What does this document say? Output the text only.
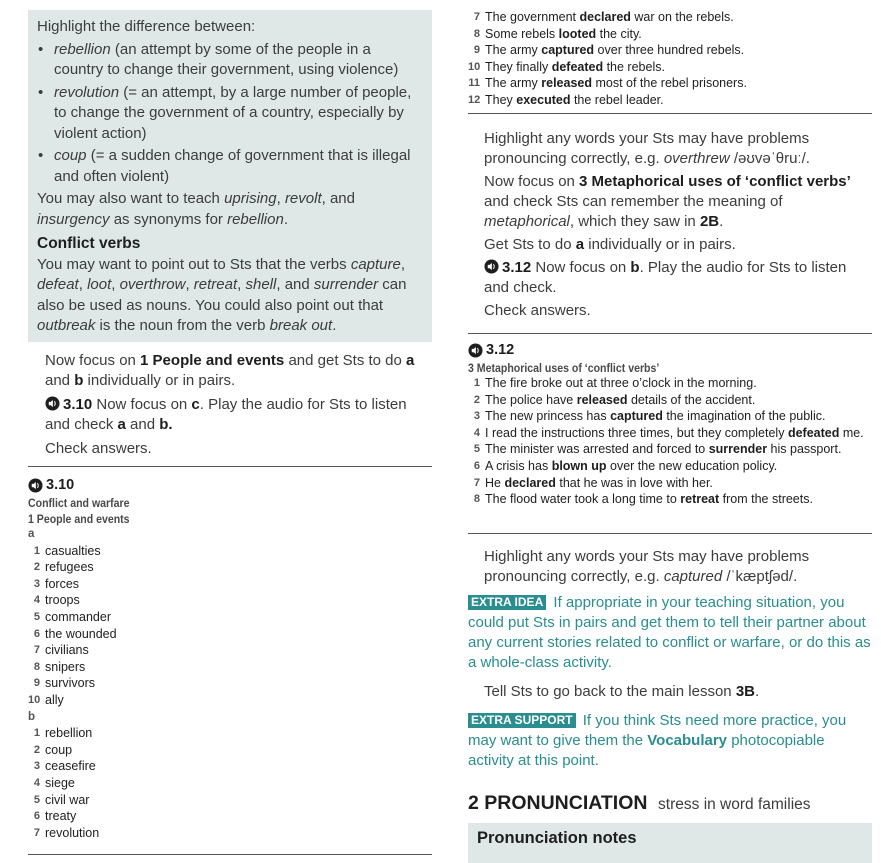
Highlight the difference between:

• rebellion (an attempt by some of the people in a country to change their government, using violence)
• revolution (= an attempt, by a large number of people, to change the government of a country, especially by violent action)
• coup (= a sudden change of government that is illegal and often violent)

You may also want to teach uprising, revolt, and insurgency as synonyms for rebellion.

Conflict verbs

You may want to point out to Sts that the verbs capture, defeat, loot, overthrow, retreat, shell, and surrender can also be used as nouns. You could also point out that outbreak is the noun from the verb break out.

Now focus on 1 People and events and get Sts to do a and b individually or in pairs.

3.10 Now focus on c. Play the audio for Sts to listen and check a and b.

Check answers.

3.10
Conflict and warfare
1 People and events
a
1 casualties
2 refugees
3 forces
4 troops
5 commander
6 the wounded
7 civilians
8 snipers
9 survivors
10 ally
b
1 rebellion
2 coup
3 ceasefire
4 siege
5 civil war
6 treaty
7 revolution
7 The government declared war on the rebels.
8 Some rebels looted the city.
9 The army captured over three hundred rebels.
10 They finally defeated the rebels.
11 The army released most of the rebel prisoners.
12 They executed the rebel leader.

Highlight any words your Sts may have problems pronouncing correctly, e.g. overthrew /əʊvəˈθruː/.

Now focus on 3 Metaphorical uses of ‘conflict verbs’ and check Sts can remember the meaning of metaphorical, which they saw in 2B.

Get Sts to do a individually or in pairs.

3.12 Now focus on b. Play the audio for Sts to listen and check.

Check answers.

3.12
3 Metaphorical uses of ‘conflict verbs’
1 The fire broke out at three o’clock in the morning.
2 The police have released details of the accident.
3 The new princess has captured the imagination of the public.
4 I read the instructions three times, but they completely defeated me.
5 The minister was arrested and forced to surrender his passport.
6 A crisis has blown up over the new education policy.
7 He declared that he was in love with her.
8 The flood water took a long time to retreat from the streets.

Highlight any words your Sts may have problems pronouncing correctly, e.g. captured /ˈkæptʃəd/.

EXTRA IDEA If appropriate in your teaching situation, you could put Sts in pairs and get them to tell their partner about any current stories related to conflict or warfare, or do this as a whole-class activity.

Tell Sts to go back to the main lesson 3B.

EXTRA SUPPORT If you think Sts need more practice, you may want to give them the Vocabulary photocopiable activity at this point.

2 PRONUNCIATION stress in word families
Pronunciation notes
